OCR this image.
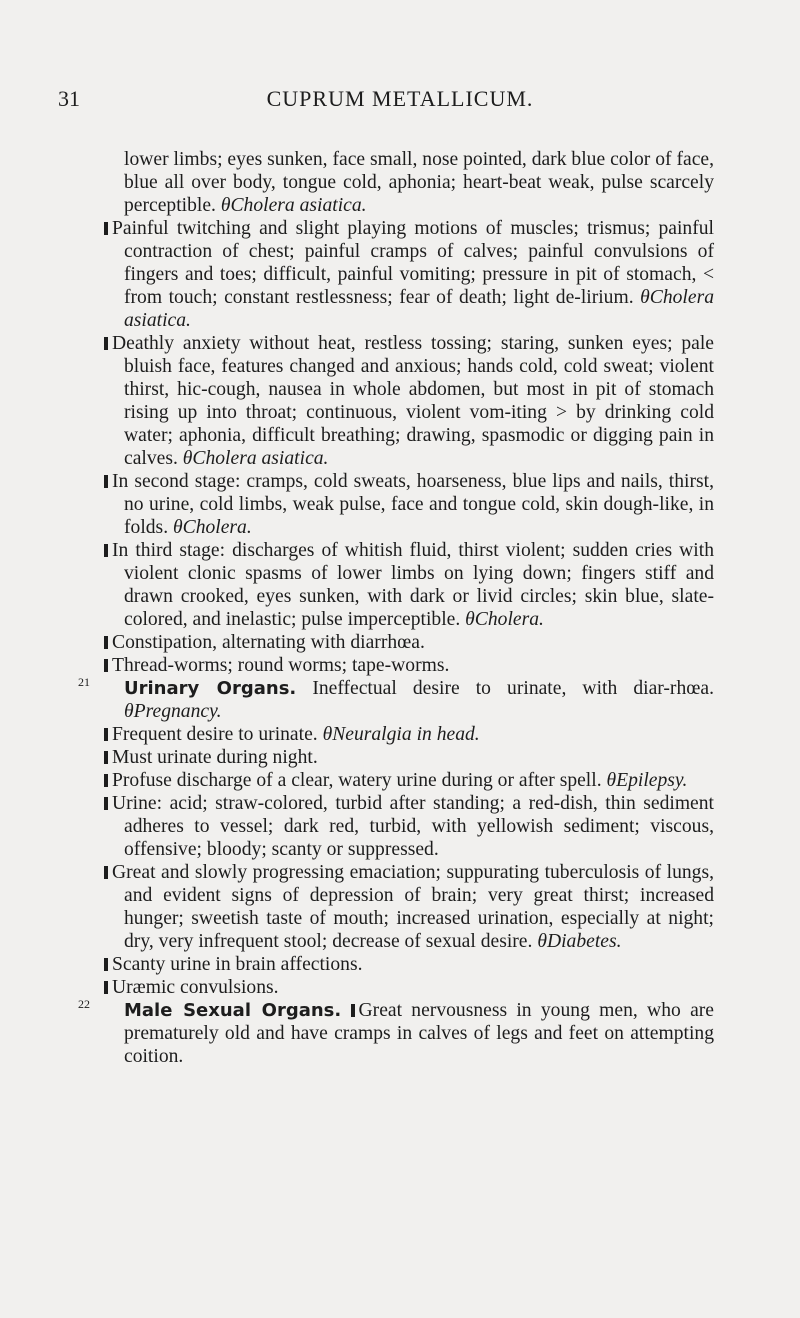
31	CUPRUM METALLICUM.

lower limbs; eyes sunken, face small, nose pointed, dark blue color of face, blue all over body, tongue cold, aphonia; heart-beat weak, pulse scarcely perceptible. θCholera asiatica.

Painful twitching and slight playing motions of muscles; trismus; painful contraction of chest; painful cramps of calves; painful convulsions of fingers and toes; difficult, painful vomiting; pressure in pit of stomach, < from touch; constant restlessness; fear of death; light de-lirium. θCholera asiatica.

Deathly anxiety without heat, restless tossing; staring, sunken eyes; pale bluish face, features changed and anxious; hands cold, cold sweat; violent thirst, hic-cough, nausea in whole abdomen, but most in pit of stomach rising up into throat; continuous, violent vom-iting > by drinking cold water; aphonia, difficult breathing; drawing, spasmodic or digging pain in calves. θCholera asiatica.

In second stage: cramps, cold sweats, hoarseness, blue lips and nails, thirst, no urine, cold limbs, weak pulse, face and tongue cold, skin dough-like, in folds. θCholera.

In third stage: discharges of whitish fluid, thirst violent; sudden cries with violent clonic spasms of lower limbs on lying down; fingers stiff and drawn crooked, eyes sunken, with dark or livid circles; skin blue, slate-colored, and inelastic; pulse imperceptible. θCholera.

Constipation, alternating with diarrhœa.

Thread-worms; round worms; tape-worms.

21 Urinary Organs. Ineffectual desire to urinate, with diar-rhœa. θPregnancy.

Frequent desire to urinate. θNeuralgia in head.

Must urinate during night.

Profuse discharge of a clear, watery urine during or after spell. θEpilepsy.

Urine: acid; straw-colored, turbid after standing; a red-dish, thin sediment adheres to vessel; dark red, turbid, with yellowish sediment; viscous, offensive; bloody; scanty or suppressed.

Great and slowly progressing emaciation; suppurating tuberculosis of lungs, and evident signs of depression of brain; very great thirst; increased hunger; sweetish taste of mouth; increased urination, especially at night; dry, very infrequent stool; decrease of sexual desire. θDiabetes.

Scanty urine in brain affections.

Uræmic convulsions.

22 Male Sexual Organs. Great nervousness in young men, who are prematurely old and have cramps in calves of legs and feet on attempting coition.
